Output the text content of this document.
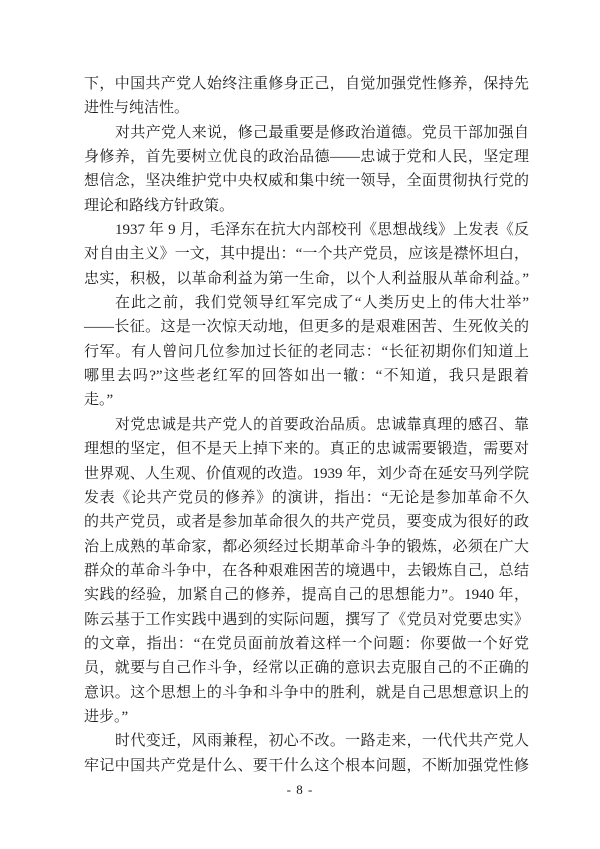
下，中国共产党人始终注重修身正己，自觉加强党性修养，保持先
进性与纯洁性。
对共产党人来说，修己最重要是修政治道德。党员干部加强自
身修养，首先要树立优良的政治品德——忠诚于党和人民，坚定理
想信念，坚决维护党中央权威和集中统一领导，全面贯彻执行党的
理论和路线方针政策。
1937 年 9 月，毛泽东在抗大内部校刊《思想战线》上发表《反
对自由主义》一文，其中提出：“一个共产党员，应该是襟怀坦白，
忠实，积极，以革命利益为第一生命，以个人利益服从革命利益。”
在此之前，我们党领导红军完成了“人类历史上的伟大壮举”
——长征。这是一次惊天动地，但更多的是艰难困苦、生死攸关的
行军。有人曾问几位参加过长征的老同志：“长征初期你们知道上
哪里去吗?”这些老红军的回答如出一辙：“不知道，我只是跟着
走。”
对党忠诚是共产党人的首要政治品质。忠诚靠真理的感召、靠
理想的坚定，但不是天上掉下来的。真正的忠诚需要锻造，需要对
世界观、人生观、价值观的改造。1939 年，刘少奇在延安马列学院
发表《论共产党员的修养》的演讲，指出：“无论是参加革命不久
的共产党员，或者是参加革命很久的共产党员，要变成为很好的政
治上成熟的革命家，都必须经过长期革命斗争的锻炼，必须在广大
群众的革命斗争中，在各种艰难困苦的境遇中，去锻炼自己，总结
实践的经验，加紧自己的修养，提高自己的思想能力”。1940 年，
陈云基于工作实践中遇到的实际问题，撰写了《党员对党要忠实》
的文章，指出：“在党员面前放着这样一个问题：你要做一个好党
员，就要与自己作斗争，经常以正确的意识去克服自己的不正确的
意识。这个思想上的斗争和斗争中的胜利，就是自己思想意识上的
进步。”
时代变迁，风雨兼程，初心不改。一路走来，一代代共产党人
牢记中国共产党是什么、要干什么这个根本问题，不断加强党性修
- 8 -
